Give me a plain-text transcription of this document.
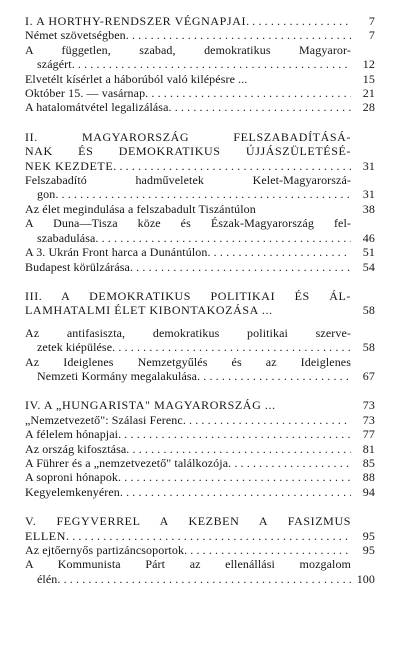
I. A HORTHY-RENDSZER VÉGNAPJAI . . .	7
Német szövetségben . . .	7
A független, szabad, demokratikus Magyaror-
szágért . . .	12
Elvetélt kísérlet a háborúból való kilépésre ...	15
Október 15. — vasárnap . . .	21
A hatalomátvétel legalizálása . . .	28
II. MAGYARORSZÁG FELSZABADÍTÁSÁ-
NAK ÉS DEMOKRATIKUS ÚJJÁSZÜLETÉSÉ-
NEK KEZDETE . . .	31
Felszabadító hadműveletek Kelet-Magyarorszá-
gon . . .	31
Az élet megindulása a felszabadult Tiszántúlon	38
A Duna—Tisza köze és Észak-Magyarország fel-
szabadulása . . .	46
A 3. Ukrán Front harca a Dunántúlon . . .	51
Budapest körülzárása . . .	54
III. A DEMOKRATIKUS POLITIKAI ÉS ÁL-
LAMHATALMI ÉLET KIBONTAKOZÁSA ...	58
Az antifasiszta, demokratikus politikai szerve-
zetek kiépülése . . .	58
Az Ideiglenes Nemzetgyűlés és az Ideiglenes
Nemzeti Kormány megalakulása . . .	67
IV. A „HUNGARISTA" MAGYARORSZÁG ...	73
„Nemzetvezető": Szálasi Ferenc . . .	73
A félelem hónapjai . . .	77
Az ország kifosztása . . .	81
A Führer és a „nemzetvezető" találkozója . . .	85
A soproni hónapok . . .	88
Kegyelemkenyéren . . .	94
V. FEGYVERREL A KEZBEN A FASIZMUS
ELLEN . . .	95
Az ejtőernyős partizáncsoportok . . .	95
A Kommunista Párt az ellenállási mozgalom
élén . . .	100
